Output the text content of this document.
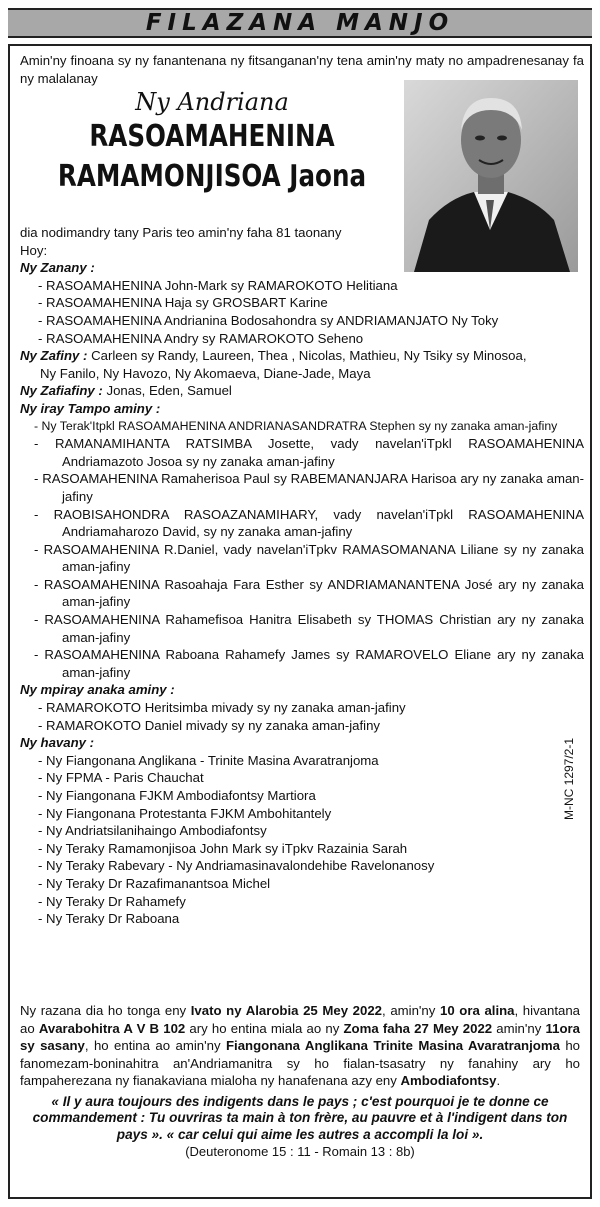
FILAZANA MANJO

Amin'ny finoana sy ny fanantenana ny fitsanganan'ny tena amin'ny maty no ampadrenesanay fa ny malalanay

Ny Andriana
RASOAMAHENINA
RAMAMONJISOA Jaona

dia nodimandry tany Paris teo amin'ny faha 81 taonany

Hoy:

Ny Zanany :

- RASOAMAHENINA John-Mark sy RAMAROKOTO Helitiana

- RASOAMAHENINA Haja sy GROSBART Karine

- RASOAMAHENINA Andrianina Bodosahondra sy ANDRIAMANJATO Ny Toky

- RASOAMAHENINA Andry sy RAMAROKOTO Seheno

Ny Zafiny : Carleen sy Randy, Laureen, Thea , Nicolas, Mathieu, Ny Tsiky sy Minosoa,

Ny Fanilo, Ny Havozo, Ny Akomaeva, Diane-Jade, Maya

Ny Zafiafiny : Jonas, Eden, Samuel

Ny iray Tampo aminy :

- Ny Terak'Itpkl RASOAMAHENINA ANDRIANASANDRATRA Stephen sy ny zanaka aman-jafiny

- RAMANAMIHANTA RATSIMBA Josette, vady navelan'iTpkl RASOAMAHENINA Andriamazoto Josoa sy ny zanaka aman-jafiny

- RASOAMAHENINA Ramaherisoa Paul sy RABEMANANJARA Harisoa ary ny zanaka aman-jafiny

- RAOBISAHONDRA RASOAZANAMIHARY, vady navelan'iTpkl RASOAMAHENINA Andriamaharozo David, sy ny zanaka aman-jafiny

- RASOAMAHENINA R.Daniel, vady navelan'iTpkv RAMASOMANANA Liliane sy ny zanaka aman-jafiny

- RASOAMAHENINA Rasoahaja Fara Esther sy ANDRIAMANANTENA José ary ny zanaka aman-jafiny

- RASOAMAHENINA Rahamefisoa Hanitra Elisabeth sy THOMAS Christian ary ny zanaka aman-jafiny

- RASOAMAHENINA Raboana Rahamefy James sy RAMAROVELO Eliane ary ny zanaka aman-jafiny

Ny mpiray anaka aminy :

- RAMAROKOTO Heritsimba mivady sy ny zanaka aman-jafiny

- RAMAROKOTO Daniel mivady sy ny zanaka aman-jafiny

Ny havany :

- Ny Fiangonana Anglikana - Trinite Masina Avaratranjoma

- Ny FPMA - Paris Chauchat

- Ny Fiangonana FJKM Ambodiafontsy Martiora

- Ny Fiangonana Protestanta FJKM Ambohitantely

- Ny Andriatsilanihaingo Ambodiafontsy

- Ny Teraky Ramamonjisoa John Mark sy iTpkv Razainia Sarah

- Ny Teraky Rabevary - Ny Andriamasinavalondehibe Ravelonanosy

- Ny Teraky Dr Razafimanantsoa Michel

- Ny Teraky Dr Rahamefy

- Ny Teraky Dr Raboana

M-NC 1297/2-1

Ny razana dia ho tonga eny Ivato ny Alarobia 25 Mey 2022, amin'ny 10 ora alina, hivantana ao Avarabohitra A V B 102 ary ho entina miala ao ny Zoma faha 27 Mey 2022 amin'ny 11ora sy sasany, ho entina ao amin'ny Fiangonana Anglikana Trinite Masina Avaratranjoma ho fanomezam-boninahitra an'Andriamanitra sy ho fialan-tsasatry ny fanahiny ary ho fampaherezana ny fianakaviana mialoha ny hanafenana azy eny Ambodiafontsy.

« Il y aura toujours des indigents dans le pays ; c'est pourquoi je te donne ce commandement : Tu ouvriras ta main à ton frère, au pauvre et à l'indigent dans ton pays ». « car celui qui aime les autres a accompli la loi ».

(Deuteronome 15 : 11 - Romain 13 : 8b)
